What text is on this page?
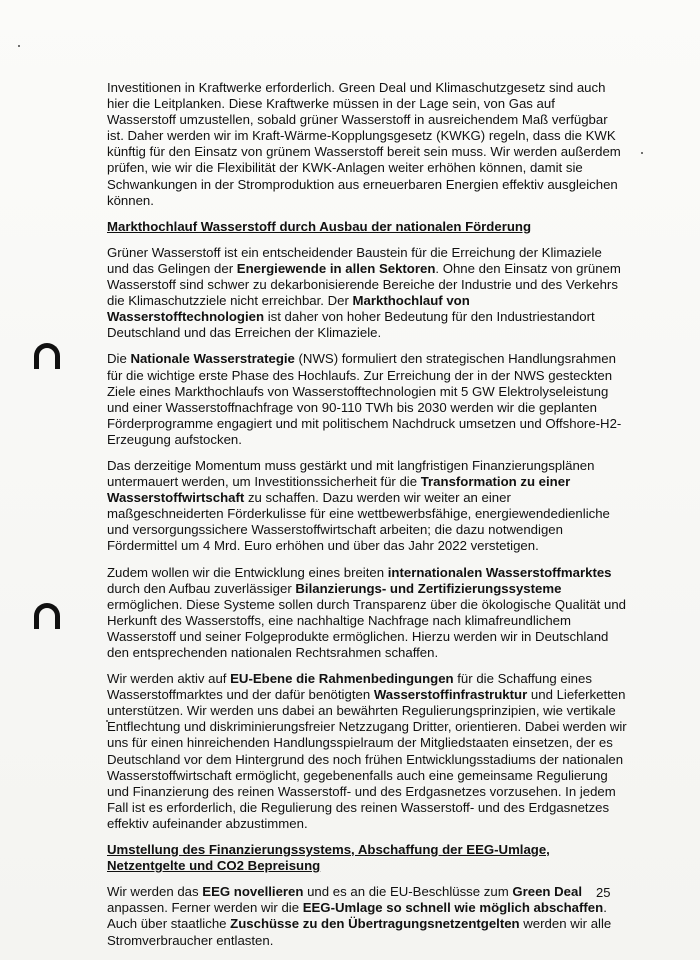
Investitionen in Kraftwerke erforderlich. Green Deal und Klimaschutzgesetz sind auch hier die Leitplanken. Diese Kraftwerke müssen in der Lage sein, von Gas auf Wasserstoff umzustellen, sobald grüner Wasserstoff in ausreichendem Maß verfügbar ist. Daher werden wir im Kraft-Wärme-Kopplungsgesetz (KWKG) regeln, dass die KWK künftig für den Einsatz von grünem Wasserstoff bereit sein muss. Wir werden außerdem prüfen, wie wir die Flexibilität der KWK-Anlagen weiter erhöhen können, damit sie Schwankungen in der Stromproduktion aus erneuerbaren Energien effektiv ausgleichen können.

Markthochlauf Wasserstoff durch Ausbau der nationalen Förderung

Grüner Wasserstoff ist ein entscheidender Baustein für die Erreichung der Klimaziele und das Gelingen der Energiewende in allen Sektoren. Ohne den Einsatz von grünem Wasserstoff sind schwer zu dekarbonisierende Bereiche der Industrie und des Verkehrs die Klimaschutzziele nicht erreichbar. Der Markthochlauf von Wasserstofftechnologien ist daher von hoher Bedeutung für den Industriestandort Deutschland und das Erreichen der Klimaziele.

Die Nationale Wasserstrategie (NWS) formuliert den strategischen Handlungsrahmen für die wichtige erste Phase des Hochlaufs. Zur Erreichung der in der NWS gesteckten Ziele eines Markthochlaufs von Wasserstofftechnologien mit 5 GW Elektrolyseleistung und einer Wasserstoffnachfrage von 90-110 TWh bis 2030 werden wir die geplanten Förderprogramme engagiert und mit politischem Nachdruck umsetzen und Offshore-H2-Erzeugung aufstocken.

Das derzeitige Momentum muss gestärkt und mit langfristigen Finanzierungsplänen untermauert werden, um Investitionssicherheit für die Transformation zu einer Wasserstoffwirtschaft zu schaffen. Dazu werden wir weiter an einer maßgeschneiderten Förderkulisse für eine wettbewerbsfähige, energiewendedienliche und versorgungssichere Wasserstoffwirtschaft arbeiten; die dazu notwendigen Fördermittel um 4 Mrd. Euro erhöhen und über das Jahr 2022 verstetigen.

Zudem wollen wir die Entwicklung eines breiten internationalen Wasserstoffmarktes durch den Aufbau zuverlässiger Bilanzierungs- und Zertifizierungssysteme ermöglichen. Diese Systeme sollen durch Transparenz über die ökologische Qualität und Herkunft des Wasserstoffs, eine nachhaltige Nachfrage nach klimafreundlichem Wasserstoff und seiner Folgeprodukte ermöglichen. Hierzu werden wir in Deutschland den entsprechenden nationalen Rechtsrahmen schaffen.

Wir werden aktiv auf EU-Ebene die Rahmenbedingungen für die Schaffung eines Wasserstoffmarktes und der dafür benötigten Wasserstoffinfrastruktur und Lieferketten unterstützen. Wir werden uns dabei an bewährten Regulierungsprinzipien, wie vertikale Entflechtung und diskriminierungsfreier Netzzugang Dritter, orientieren. Dabei werden wir uns für einen hinreichenden Handlungsspielraum der Mitgliedstaaten einsetzen, der es Deutschland vor dem Hintergrund des noch frühen Entwicklungsstadiums der nationalen Wasserstoffwirtschaft ermöglicht, gegebenenfalls auch eine gemeinsame Regulierung und Finanzierung des reinen Wasserstoff- und des Erdgasnetzes vorzusehen. In jedem Fall ist es erforderlich, die Regulierung des reinen Wasserstoff- und des Erdgasnetzes effektiv aufeinander abzustimmen.

Umstellung des Finanzierungssystems, Abschaffung der EEG-Umlage, Netzentgelte und CO2 Bepreisung

Wir werden das EEG novellieren und es an die EU-Beschlüsse zum Green Deal anpassen. Ferner werden wir die EEG-Umlage so schnell wie möglich abschaffen. Auch über staatliche Zuschüsse zu den Übertragungsnetzentgelten werden wir alle Stromverbraucher entlasten.

25
